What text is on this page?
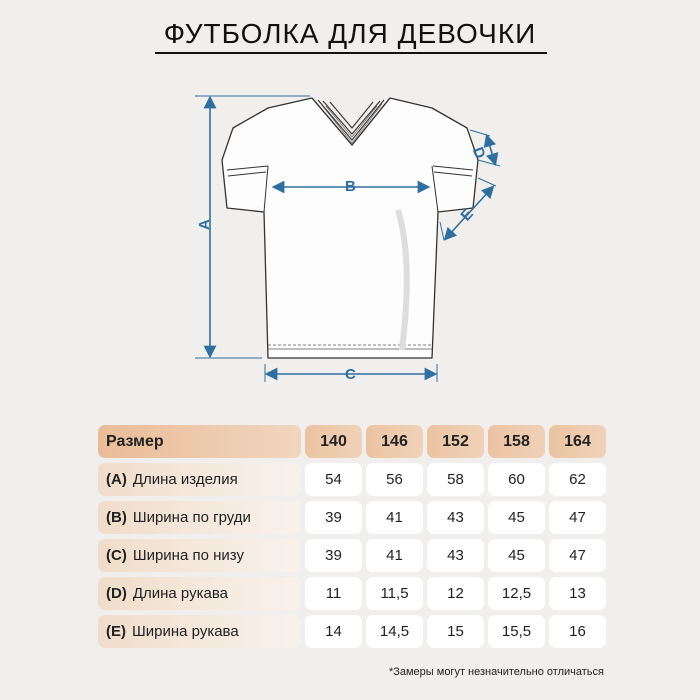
ФУТБОЛКА ДЛЯ ДЕВОЧКИ
A
B
C
D
E
Размер	140	146	152	158	164
(A) Длина изделия	54	56	58	60	62
(B) Ширина по груди	39	41	43	45	47
(C) Ширина по низу	39	41	43	45	47
(D) Длина рукава	11	11,5	12	12,5	13
(E) Ширина рукава	14	14,5	15	15,5	16
*Замеры могут незначительно отличаться
